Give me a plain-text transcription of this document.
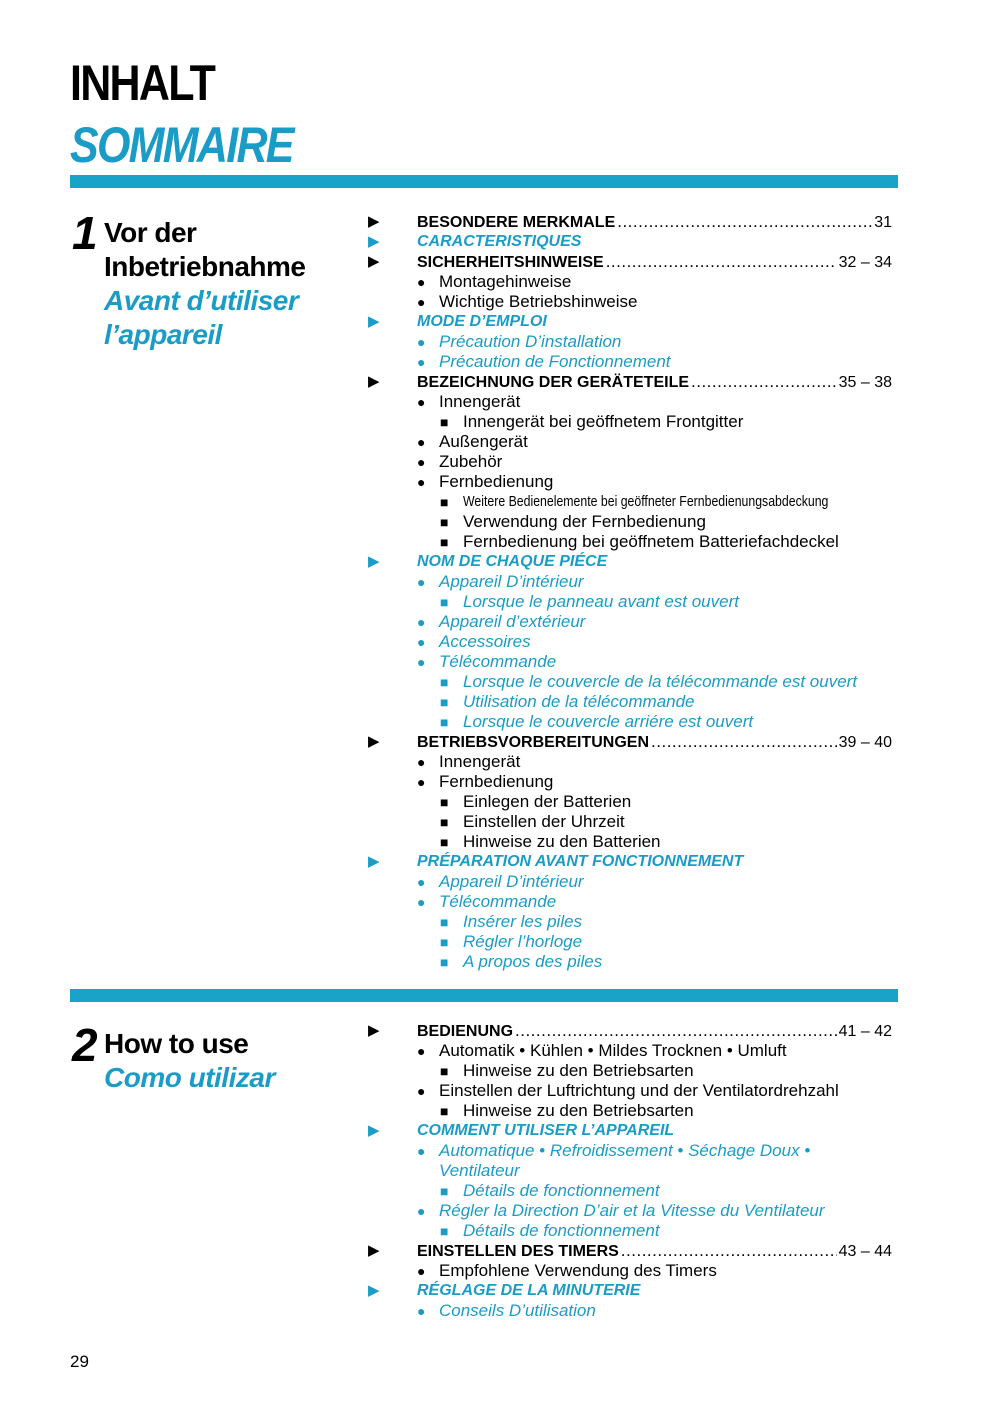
INHALT
SOMMAIRE
1 Vor der
Inbetriebnahme
Avant d’utiliser
l’appareil
▶ BESONDERE MERKMALE .....	31
▶ CARACTERISTIQUES
▶ SICHERHEITSHINWEISE .....	32 – 34
● Montagehinweise
● Wichtige Betriebshinweise
▶ MODE D’EMPLOI
● Précaution D’installation
● Précaution de Fonctionnement
▶ BEZEICHNUNG DER GERÄTETEILE .....	35 – 38
● Innengerät
■ Innengerät bei geöffnetem Frontgitter
● Außengerät
● Zubehör
● Fernbedienung
■ Weitere Bedienelemente bei geöffneter Fernbedienungsabdeckung
■ Verwendung der Fernbedienung
■ Fernbedienung bei geöffnetem Batteriefachdeckel
▶ NOM DE CHAQUE PIÉCE
● Appareil D’intérieur
■ Lorsque le panneau avant est ouvert
● Appareil d’extérieur
● Accessoires
● Télécommande
■ Lorsque le couvercle de la télécommande est ouvert
■ Utilisation de la télécommande
■ Lorsque le couvercle arriére est ouvert
▶ BETRIEBSVORBEREITUNGEN .....	39 – 40
● Innengerät
● Fernbedienung
■ Einlegen der Batterien
■ Einstellen der Uhrzeit
■ Hinweise zu den Batterien
▶ PRÉPARATION AVANT FONCTIONNEMENT
● Appareil D’intérieur
● Télécommande
■ Insérer les piles
■ Régler l’horloge
■ A propos des piles
2 How to use
Como utilizar
▶ BEDIENUNG .....	41 – 42
● Automatik • Kühlen • Mildes Trocknen • Umluft
■ Hinweise zu den Betriebsarten
● Einstellen der Luftrichtung und der Ventilatordrehzahl
■ Hinweise zu den Betriebsarten
▶ COMMENT UTILISER L’APPAREIL
● Automatique • Refroidissement • Séchage Doux •
Ventilateur
■ Détails de fonctionnement
● Régler la Direction D’air et la Vitesse du Ventilateur
■ Détails de fonctionnement
▶ EINSTELLEN DES TIMERS .....	43 – 44
● Empfohlene Verwendung des Timers
▶ RÉGLAGE DE LA MINUTERIE
● Conseils D’utilisation
29
